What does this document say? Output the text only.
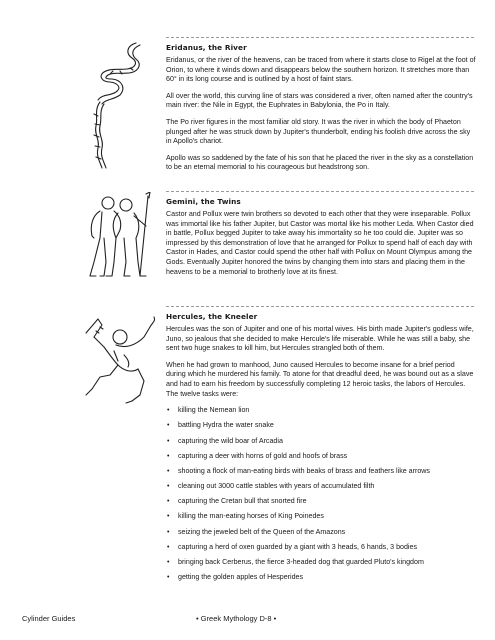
Eridanus, the River

Eridanus, or the river of the heavens, can be traced from where it starts close to Rigel at the foot of Orion, to where it winds down and disappears below the southern horizon. It stretches more than 60° in its long course and is outlined by a host of faint stars.

All over the world, this curving line of stars was considered a river, often named after the country's main river: the Nile in Egypt, the Euphrates in Babylonia, the Po in Italy.

The Po river figures in the most familiar old story. It was the river in which the body of Phaeton plunged after he was struck down by Jupiter's thunderbolt, ending his foolish drive across the sky in Apollo's chariot.

Apollo was so saddened by the fate of his son that he placed the river in the sky as a constellation to be an eternal memorial to his courageous but headstrong son.

Gemini, the Twins

Castor and Pollux were twin brothers so devoted to each other that they were inseparable. Pollux was immortal like his father Jupiter, but Castor was mortal like his mother Leda. When Castor died in battle, Pollux begged Jupiter to take away his immortality so he too could die. Jupiter was so impressed by this demonstration of love that he arranged for Pollux to spend half of each day with Castor in Hades, and Castor could spend the other half with Pollux on Mount Olympus among the Gods. Eventually Jupiter honored the twins by changing them into stars and placing them in the heavens to be a memorial to brotherly love at its finest.

Hercules, the Kneeler

Hercules was the son of Jupiter and one of his mortal wives. His birth made Jupiter's godless wife, Juno, so jealous that she decided to make Hercule's life miserable. While he was still a baby, she sent two huge snakes to kill him, but Hercules strangled both of them.

When he had grown to manhood, Juno caused Hercules to become insane for a brief period during which he murdered his family. To atone for that dreadful deed, he was bound out as a slave and had to earn his freedom by successfully completing 12 heroic tasks, the labors of Hercules. The twelve tasks were:

• killing the Nemean lion
• battling Hydra the water snake
• capturing the wild boar of Arcadia
• capturing a deer with horns of gold and hoofs of brass
• shooting a flock of man-eating birds with beaks of brass and feathers like arrows
• cleaning out 3000 cattle stables with years of accumulated filth
• capturing the Cretan bull that snorted fire
• killing the man-eating horses of King Poinedes
• seizing the jeweled belt of the Queen of the Amazons
• capturing a herd of oxen guarded by a giant with 3 heads, 6 hands, 3 bodies
• bringing back Cerberus, the fierce 3-headed dog that guarded Pluto's kingdom
• getting the golden apples of Hesperides
Cylinder Guides	• Greek Mythology D-8 •
